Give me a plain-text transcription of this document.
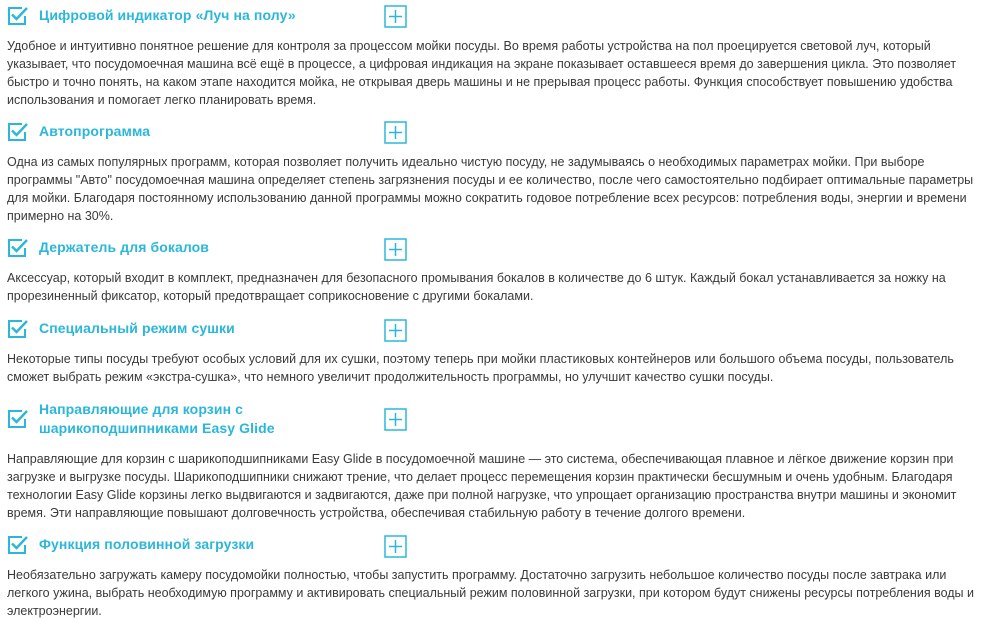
Цифровой индикатор «Луч на полу»

Удобное и интуитивно понятное решение для контроля за процессом мойки посуды. Во время работы устройства на пол проецируется световой луч, который указывает, что посудомоечная машина всё ещё в процессе, а цифровая индикация на экране показывает оставшееся время до завершения цикла. Это позволяет быстро и точно понять, на каком этапе находится мойка, не открывая дверь машины и не прерывая процесс работы. Функция способствует повышению удобства использования и помогает легко планировать время.

Автопрограмма

Одна из самых популярных программ, которая позволяет получить идеально чистую посуду, не задумываясь о необходимых параметрах мойки. При выборе программы "Авто" посудомоечная машина определяет степень загрязнения посуды и ее количество, после чего самостоятельно подбирает оптимальные параметры для мойки. Благодаря постоянному использованию данной программы можно сократить годовое потребление всех ресурсов: потребления воды, энергии и времени примерно на 30%.

Держатель для бокалов

Аксессуар, который входит в комплект, предназначен для безопасного промывания бокалов в количестве до 6 штук. Каждый бокал устанавливается за ножку на прорезиненный фиксатор, который предотвращает соприкосновение с другими бокалами.

Специальный режим сушки

Некоторые типы посуды требуют особых условий для их сушки, поэтому теперь при мойки пластиковых контейнеров или большого объема посуды, пользователь сможет выбрать режим «экстра-сушка», что немного увеличит продолжительность программы, но улучшит качество сушки посуды.

Направляющие для корзин с шарикоподшипниками Easy Glide

Направляющие для корзин с шарикоподшипниками Easy Glide в посудомоечной машине — это система, обеспечивающая плавное и лёгкое движение корзин при загрузке и выгрузке посуды. Шарикоподшипники снижают трение, что делает процесс перемещения корзин практически бесшумным и очень удобным. Благодаря технологии Easy Glide корзины легко выдвигаются и задвигаются, даже при полной нагрузке, что упрощает организацию пространства внутри машины и экономит время. Эти направляющие повышают долговечность устройства, обеспечивая стабильную работу в течение долгого времени.

Функция половинной загрузки

Необязательно загружать камеру посудомойки полностью, чтобы запустить программу. Достаточно загрузить небольшое количество посуды после завтрака или легкого ужина, выбрать необходимую программу и активировать специальный режим половинной загрузки, при котором будут снижены ресурсы потребления воды и электроэнергии.
